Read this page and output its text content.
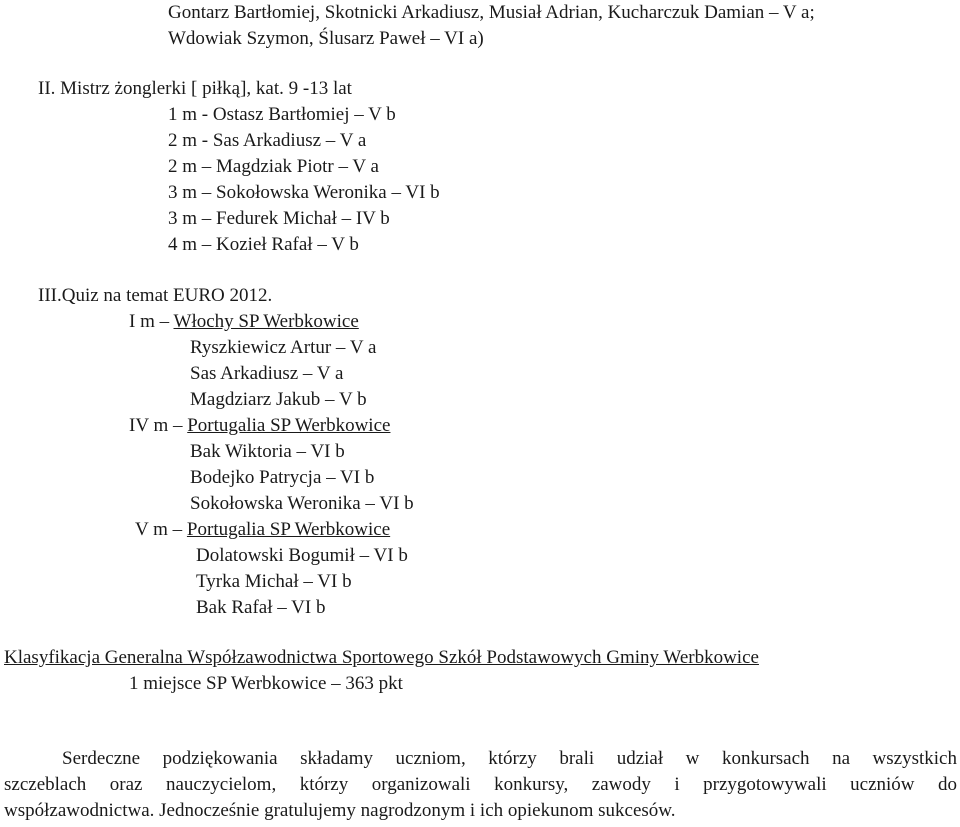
Gontarz Bartłomiej, Skotnicki Arkadiusz, Musiał Adrian, Kucharczuk Damian – V a;
Wdowiak Szymon, Ślusarz Paweł – VI a)
II. Mistrz żonglerki [ piłką], kat. 9 -13 lat
1 m - Ostasz Bartłomiej – V b
2 m - Sas Arkadiusz – V a
2 m – Magdziak Piotr – V a
3 m – Sokołowska Weronika – VI b
3 m – Fedurek Michał – IV b
4 m – Kozieł Rafał – V b
III.Quiz na temat EURO 2012.
I m – Włochy SP Werbkowice
Ryszkiewicz Artur – V a
Sas Arkadiusz – V a
Magdziarz Jakub – V b
IV m – Portugalia SP Werbkowice
Bak Wiktoria – VI b
Bodejko Patrycja – VI b
Sokołowska Weronika – VI b
V m – Portugalia SP Werbkowice
Dolatowski Bogumił – VI b
Tyrka Michał – VI b
Bak Rafał – VI b
Klasyfikacja Generalna Współzawodnictwa Sportowego Szkół Podstawowych Gminy Werbkowice
1 miejsce SP Werbkowice – 363 pkt
Serdeczne podziękowania składamy uczniom, którzy brali udział w konkursach na wszystkich
szczeblach oraz nauczycielom, którzy organizowali konkursy, zawody i przygotowywali uczniów do
współzawodnictwa. Jednocześnie gratulujemy nagrodzonym i ich opiekunom sukcesów.
